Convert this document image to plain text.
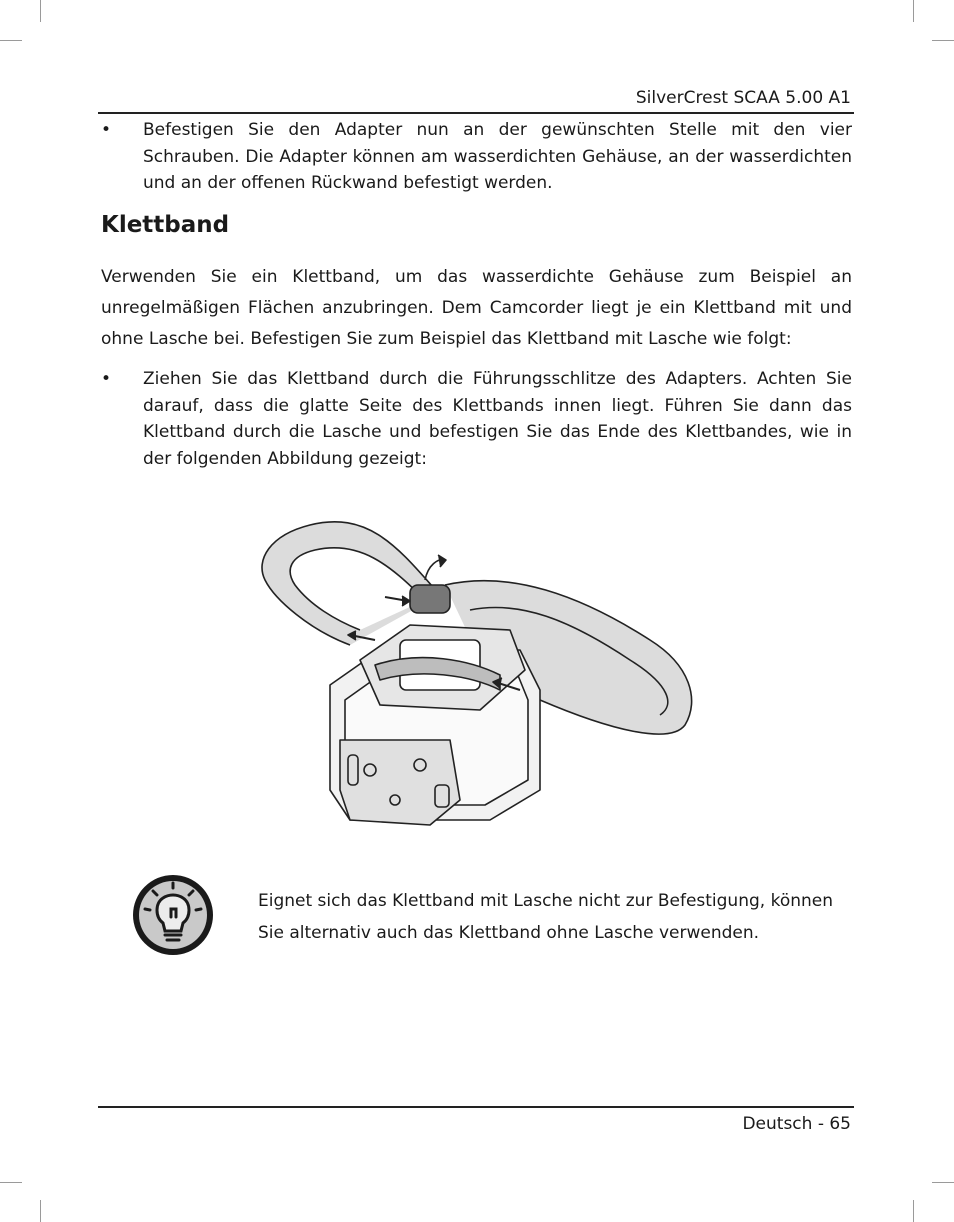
SilverCrest SCAA 5.00 A1
• Befestigen Sie den Adapter nun an der gewünschten Stelle mit den vier Schrauben. Die Adapter können am wasserdichten Gehäuse, an der wasserdichten und an der offenen Rückwand befestigt werden.

Klettband

Verwenden Sie ein Klettband, um das wasserdichte Gehäuse zum Beispiel an unregelmäßigen Flächen anzubringen. Dem Camcorder liegt je ein Klettband mit und ohne Lasche bei. Befestigen Sie zum Beispiel das Klettband mit Lasche wie folgt:

• Ziehen Sie das Klettband durch die Führungsschlitze des Adapters. Achten Sie darauf, dass die glatte Seite des Klettbands innen liegt. Führen Sie dann das Klettband durch die Lasche und befestigen Sie das Ende des Klettbandes, wie in der folgenden Abbildung gezeigt:

Eignet sich das Klettband mit Lasche nicht zur Befestigung, können Sie alternativ auch das Klettband ohne Lasche verwenden.

Deutsch - 65
